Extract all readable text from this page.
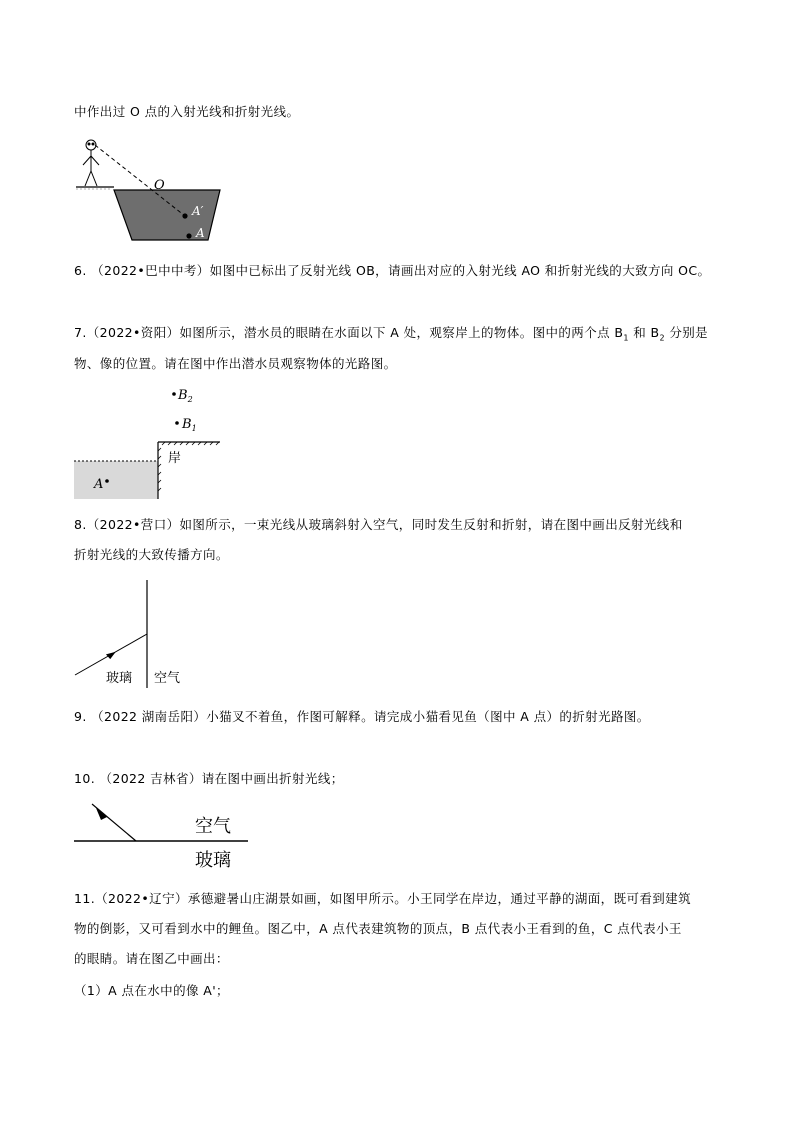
中作出过 O 点的入射光线和折射光线。
O
A′
A
6. （2022•巴中中考）如图中已标出了反射光线 OB，请画出对应的入射光线 AO 和折射光线的大致方向 OC。
7.（2022•资阳）如图所示，潜水员的眼睛在水面以下 A 处，观察岸上的物体。图中的两个点 $B_1$ 和 $B_2$ 分别是
物、像的位置。请在图中作出潜水员观察物体的光路图。
$B_2$
$B_1$
岸
A
8.（2022•营口）如图所示，一束光线从玻璃斜射入空气，同时发生反射和折射，请在图中画出反射光线和
折射光线的大致传播方向。
玻璃 空气
9. （2022 湖南岳阳）小猫叉不着鱼，作图可解释。请完成小猫看见鱼（图中 A 点）的折射光路图。
10. （2022 吉林省）请在图中画出折射光线；
空气
玻璃
11.（2022•辽宁）承德避暑山庄湖景如画，如图甲所示。小王同学在岸边，通过平静的湖面，既可看到建筑
物的倒影，又可看到水中的鲤鱼。图乙中，A 点代表建筑物的顶点，B 点代表小王看到的鱼，C 点代表小王
的眼睛。请在图乙中画出：
（1）A 点在水中的像 A'；
